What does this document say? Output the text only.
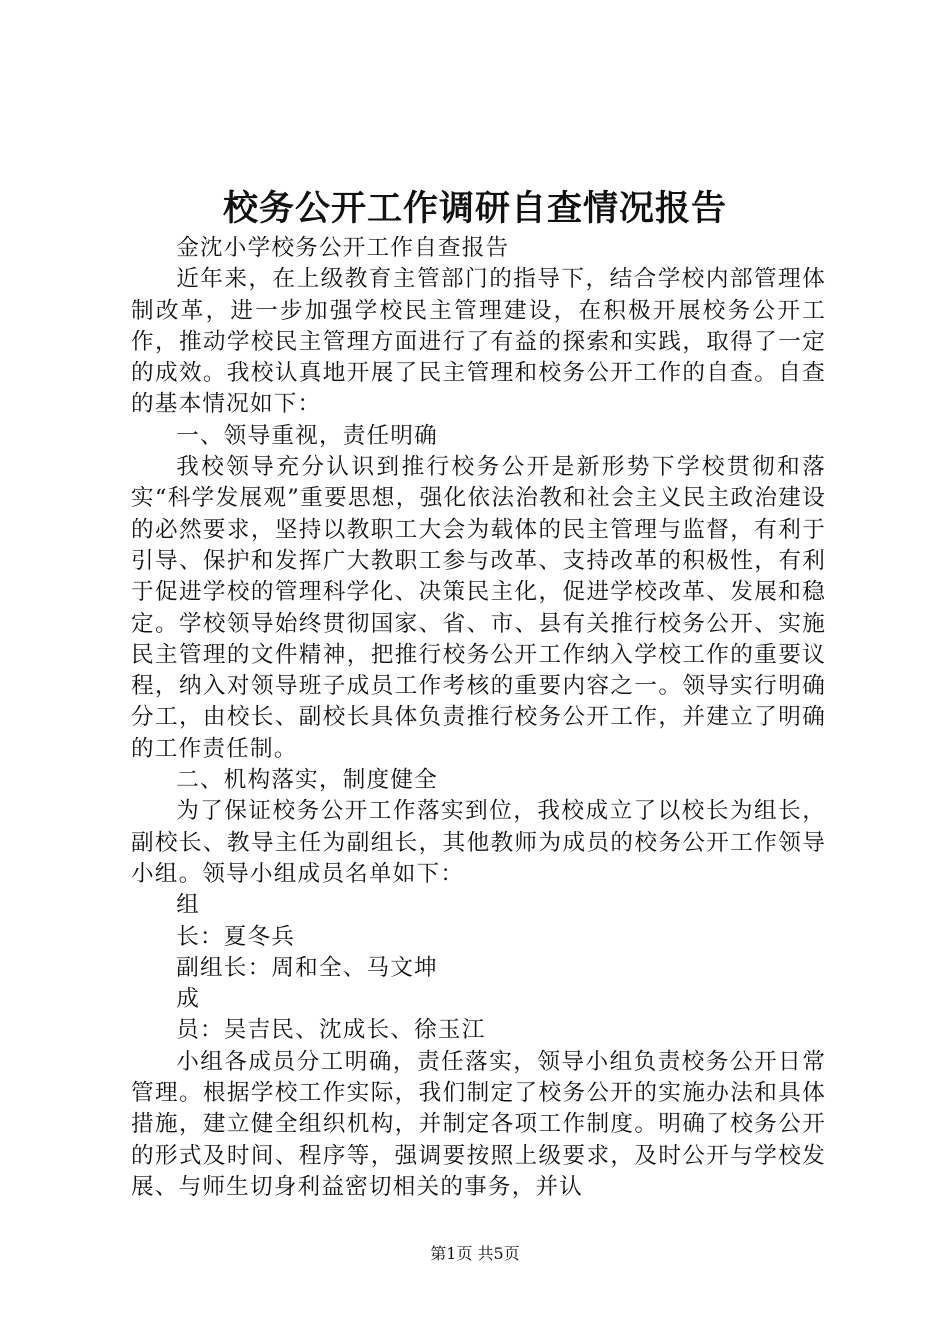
校务公开工作调研自查情况报告

金沈小学校务公开工作自查报告

近年来，在上级教育主管部门的指导下，结合学校内部管理体制改革，进一步加强学校民主管理建设，在积极开展校务公开工作，推动学校民主管理方面进行了有益的探索和实践，取得了一定的成效。我校认真地开展了民主管理和校务公开工作的自查。自查的基本情况如下：

一、领导重视，责任明确

我校领导充分认识到推行校务公开是新形势下学校贯彻和落实“科学发展观”重要思想，强化依法治教和社会主义民主政治建设的必然要求，坚持以教职工大会为载体的民主管理与监督，有利于引导、保护和发挥广大教职工参与改革、支持改革的积极性，有利于促进学校的管理科学化、决策民主化，促进学校改革、发展和稳定。学校领导始终贯彻国家、省、市、县有关推行校务公开、实施民主管理的文件精神，把推行校务公开工作纳入学校工作的重要议程，纳入对领导班子成员工作考核的重要内容之一。领导实行明确分工，由校长、副校长具体负责推行校务公开工作，并建立了明确的工作责任制。

二、机构落实，制度健全

为了保证校务公开工作落实到位，我校成立了以校长为组长，副校长、教导主任为副组长，其他教师为成员的校务公开工作领导小组。领导小组成员名单如下：

组

长：夏冬兵

副组长：周和全、马文坤

成

员：吴吉民、沈成长、徐玉江

小组各成员分工明确，责任落实，领导小组负责校务公开日常管理。根据学校工作实际，我们制定了校务公开的实施办法和具体措施，建立健全组织机构，并制定各项工作制度。明确了校务公开的形式及时间、程序等，强调要按照上级要求，及时公开与学校发展、与师生切身利益密切相关的事务，并认

第1页 共5页
